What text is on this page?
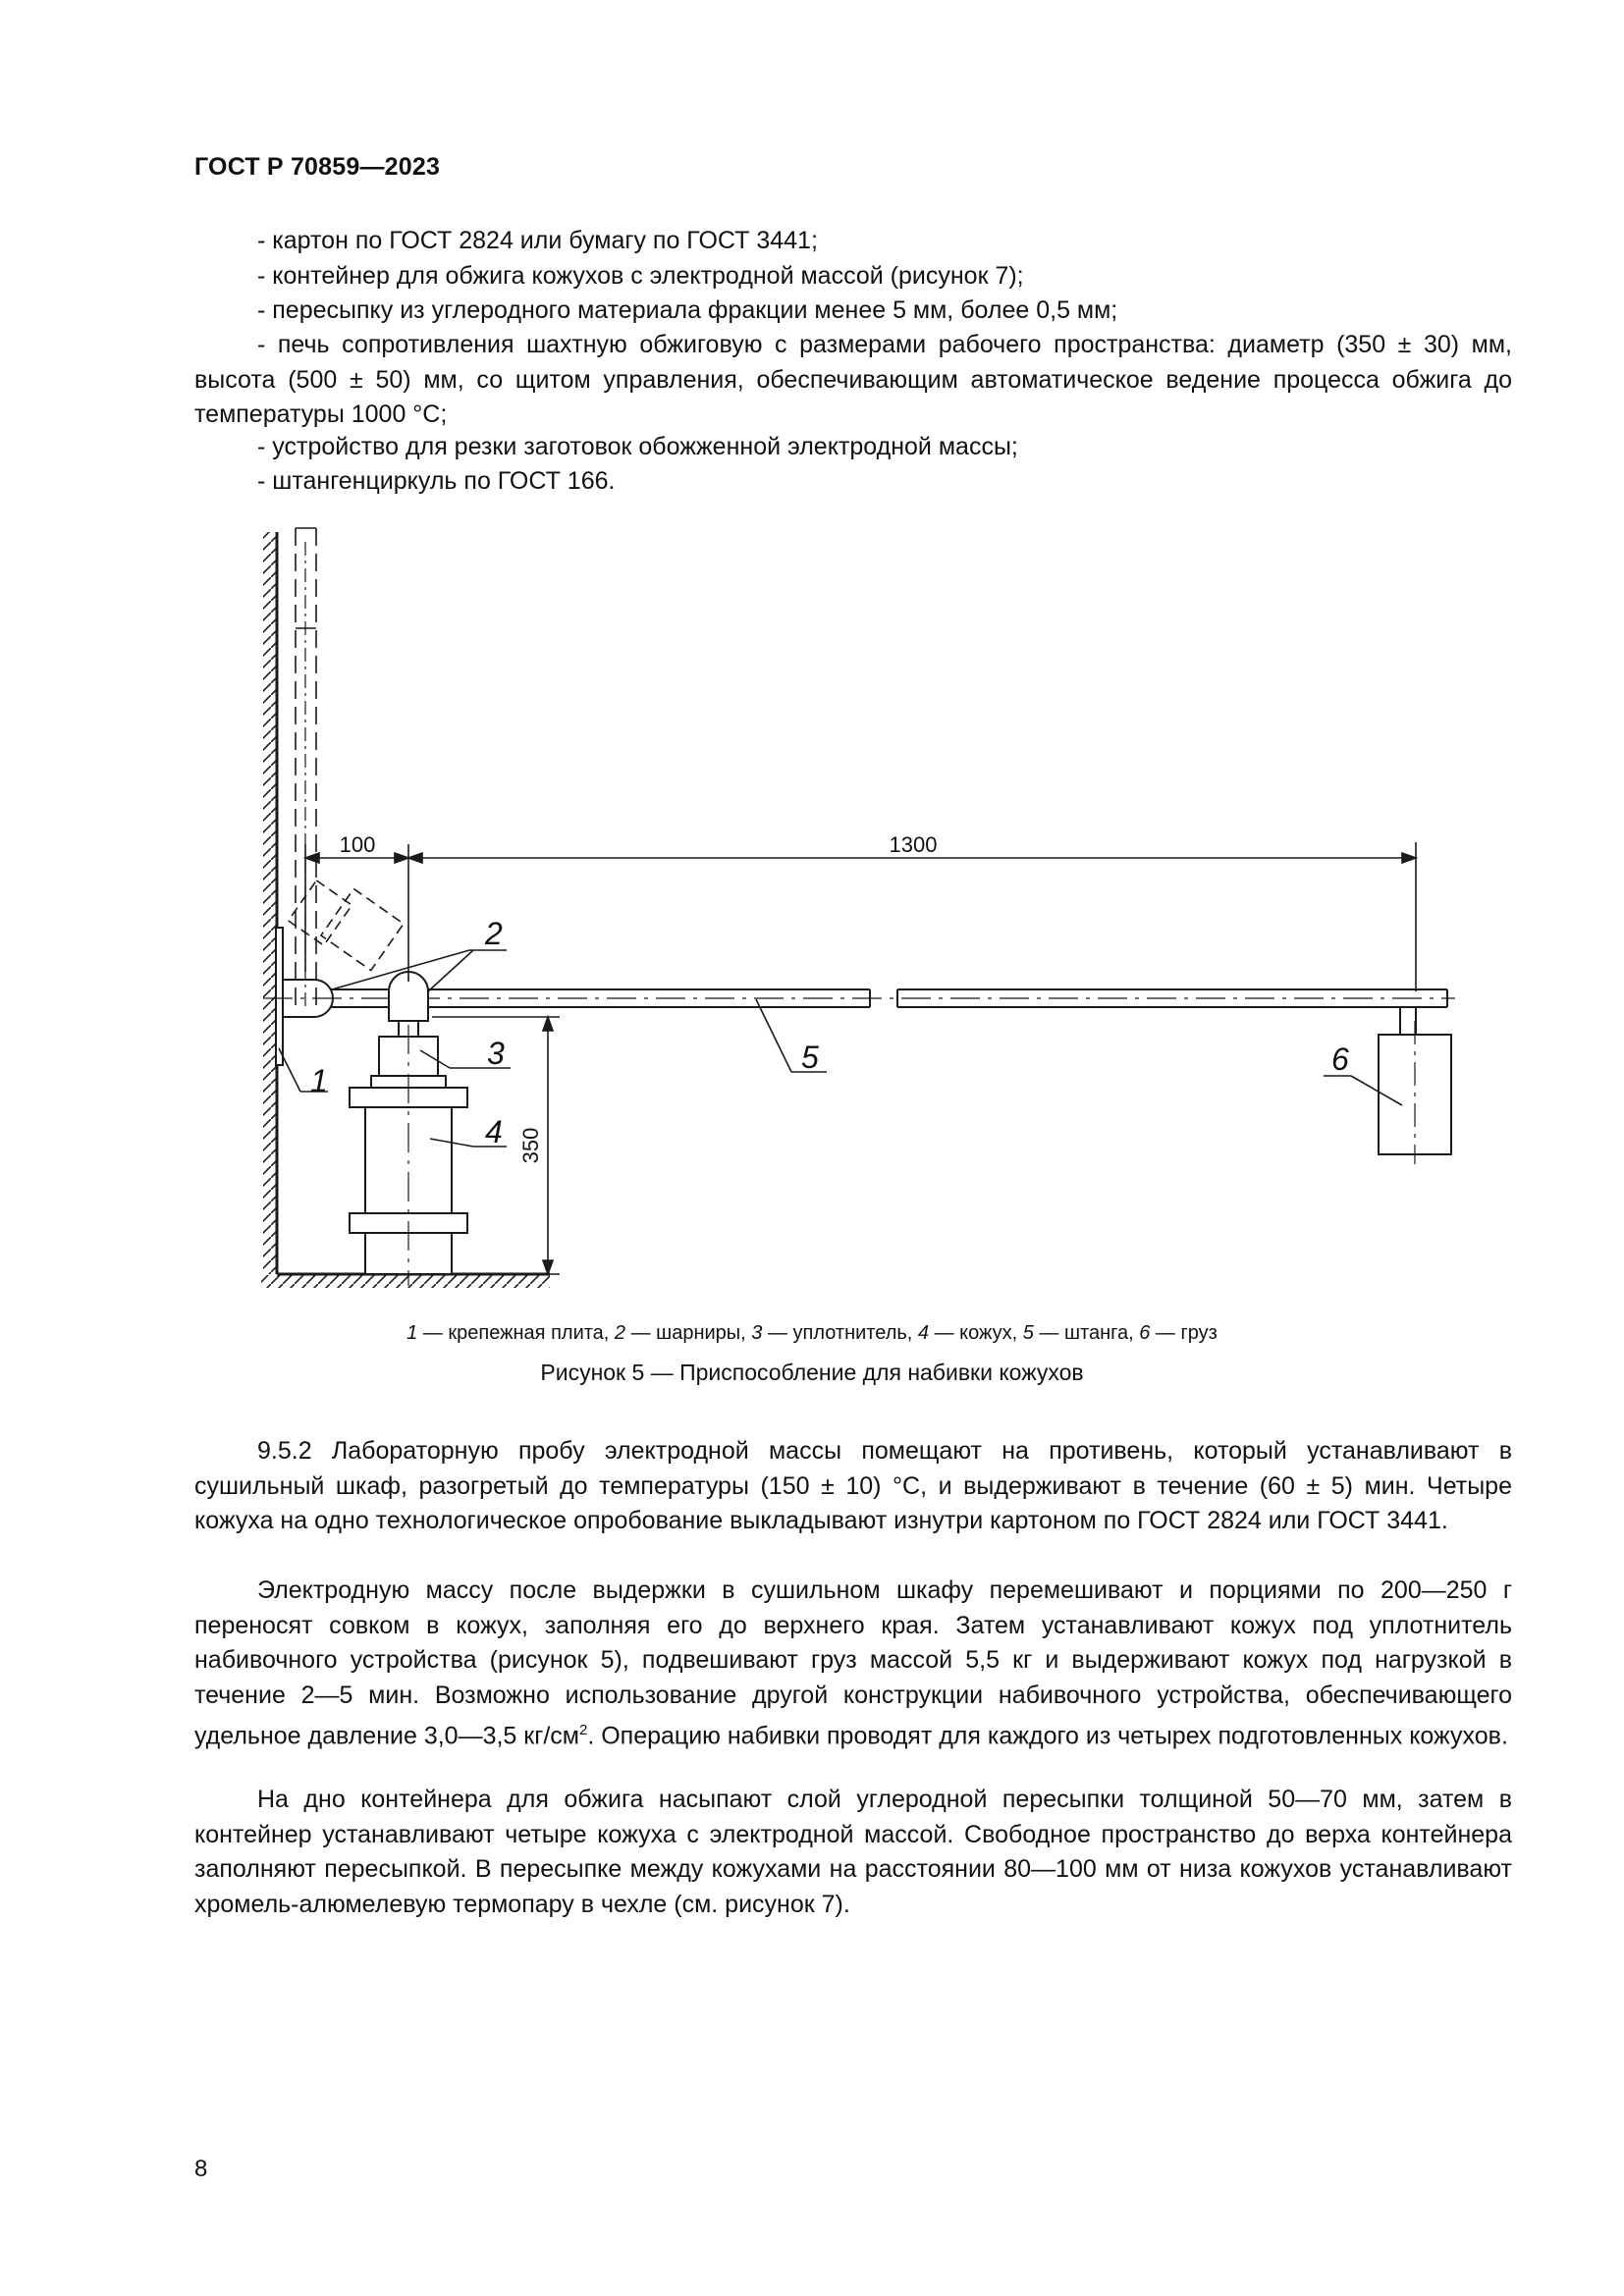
ГОСТ Р 70859—2023
- картон по ГОСТ 2824 или бумагу по ГОСТ 3441;
- контейнер для обжига кожухов с электродной массой (рисунок 7);
- пересыпку из углеродного материала фракции менее 5 мм, более 0,5 мм;
- печь сопротивления шахтную обжиговую с размерами рабочего пространства: диаметр (350 ± 30) мм, высота (500 ± 50) мм, со щитом управления, обеспечивающим автоматическое ведение процесса обжига до температуры 1000 °С;
- устройство для резки заготовок обожженной электродной массы;
- штангенциркуль по ГОСТ 166.
100	1300
350
1
2
3
4
5	6
1 — крепежная плита, 2 — шарниры, 3 — уплотнитель, 4 — кожух, 5 — штанга, 6 — груз
Рисунок 5 — Приспособление для набивки кожухов
9.5.2 Лабораторную пробу электродной массы помещают на противень, который устанавливают в сушильный шкаф, разогретый до температуры (150 ± 10) °С, и выдерживают в течение (60 ± 5) мин. Четыре кожуха на одно технологическое опробование выкладывают изнутри картоном по ГОСТ 2824 или ГОСТ 3441.
Электродную массу после выдержки в сушильном шкафу перемешивают и порциями по 200—250 г переносят совком в кожух, заполняя его до верхнего края. Затем устанавливают кожух под уплотнитель набивочного устройства (рисунок 5), подвешивают груз массой 5,5 кг и выдерживают кожух под нагрузкой в течение 2—5 мин. Возможно использование другой конструкции набивочного устройства, обеспечивающего удельное давление 3,0—3,5 $кг/см^2$. Операцию набивки проводят для каждого из четырех подготовленных кожухов.
На дно контейнера для обжига насыпают слой углеродной пересыпки толщиной 50—70 мм, затем в контейнер устанавливают четыре кожуха с электродной массой. Свободное пространство до верха контейнера заполняют пересыпкой. В пересыпке между кожухами на расстоянии 80—100 мм от низа кожухов устанавливают хромель-алюмелевую термопару в чехле (см. рисунок 7).
8
